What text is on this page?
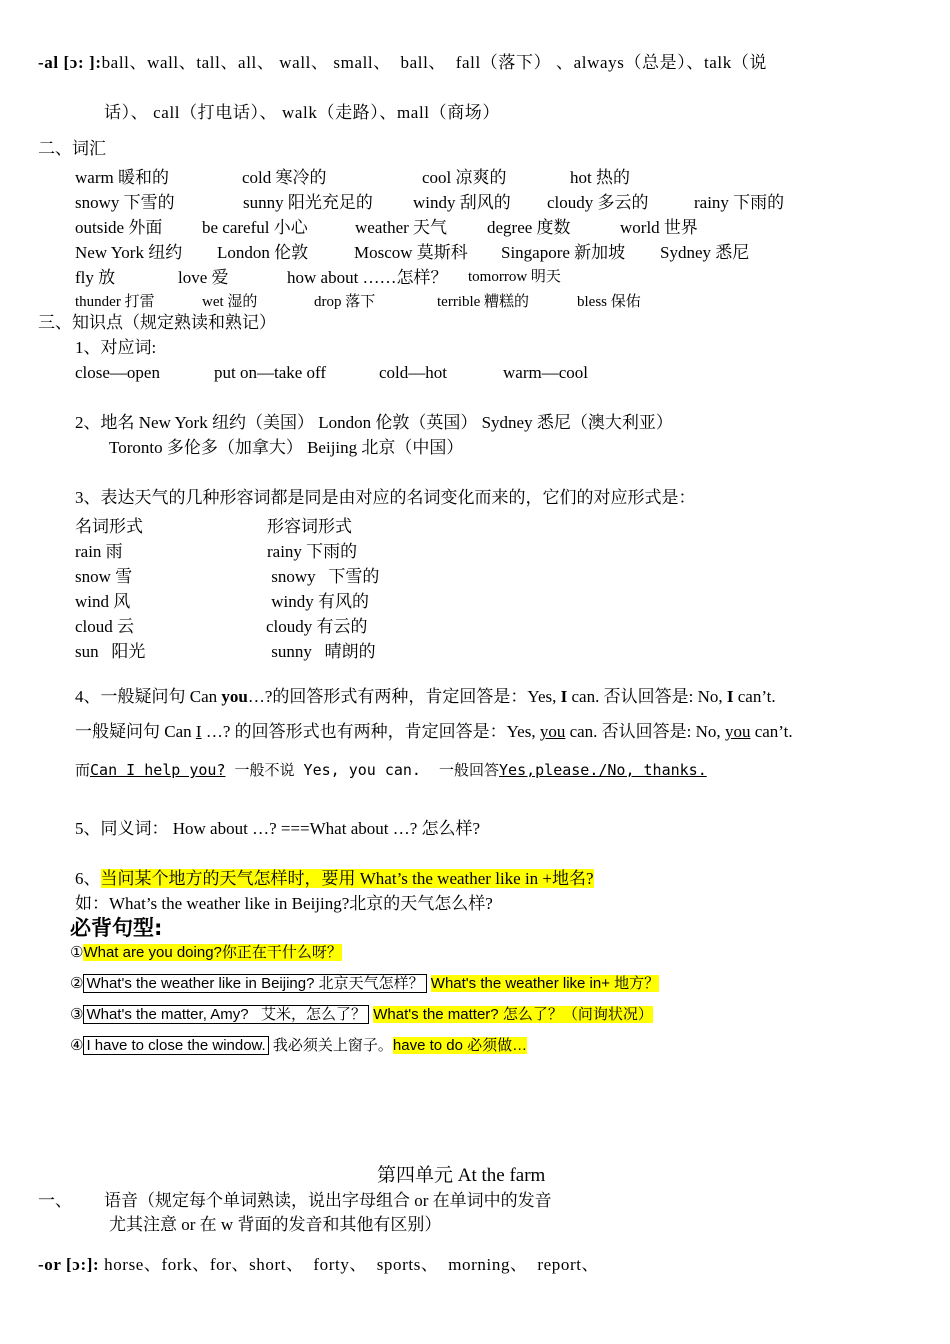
-al [ɔ: ]:ball、wall、tall、all、 wall、 small、  ball、  fall（落下） 、always（总是）、talk（说
话）、 call（打电话）、 walk（走路）、mall（商场）
二、词汇
warm 暖和的	cold 寒冷的	cool 凉爽的	hot 热的
snowy 下雪的	sunny 阳光充足的 windy 刮风的 cloudy 多云的	rainy 下雨的
outside 外面 be careful 小心	weather 天气 degree 度数	world 世界
New York 纽约 London 伦敦	Moscow 莫斯科 Singapore 新加坡 Sydney 悉尼
fly 放	love 爱	how about ……怎样？ tomorrow 明天
thunder 打雷	wet 湿的	drop 落下	terrible 糟糕的	bless 保佑
三、知识点（规定熟读和熟记）
1、对应词:
close—open	put on—take off	cold—hot	warm—cool
2、地名 New York 纽约（美国） London 伦敦（英国） Sydney 悉尼（澳大利亚）
Toronto 多伦多（加拿大） Beijing 北京（中国）
3、表达天气的几种形容词都是同是由对应的名词变化而来的，它们的对应形式是：
名词形式	形容词形式
rain 雨	rainy 下雨的
snow 雪	snowy   下雪的
wind 风	windy 有风的
cloud 云	cloudy 有云的
sun   阳光	sunny   晴朗的
4、一般疑问句 Can you…?的回答形式有两种，肯定回答是：Yes, I can. 否认回答是: No, I can’t.
一般疑问句 Can I …? 的回答形式也有两种，肯定回答是：Yes, you can. 否认回答是: No, you can’t.
而Can I help you? 一般不说 Yes, you can.  一般回答Yes,please./No, thanks.
5、同义词： How about …? ===What about …? 怎么样?
6、当问某个地方的天气怎样时，要用 What’s the weather like in +地名?
如：What’s the weather like in Beijing?北京的天气怎么样?
必背句型:
①What are you doing?你正在干什么呀？
② What's the weather like in Beijing? 北京天气怎样？ What's the weather like in+ 地方？
③ What's the matter, Amy?   艾米，怎么了？ What's the matter? 怎么了？（问询状况）
④ I have to close the window. 我必须关上窗子。have to do 必须做…
第四单元 At the farm
一、 语音（规定每个单词熟读，说出字母组合 or 在单词中的发音
尤其注意 or 在 w 背面的发音和其他有区别）
-or [ɔ:]: horse、fork、for、short、  forty、  sports、  morning、  report、
